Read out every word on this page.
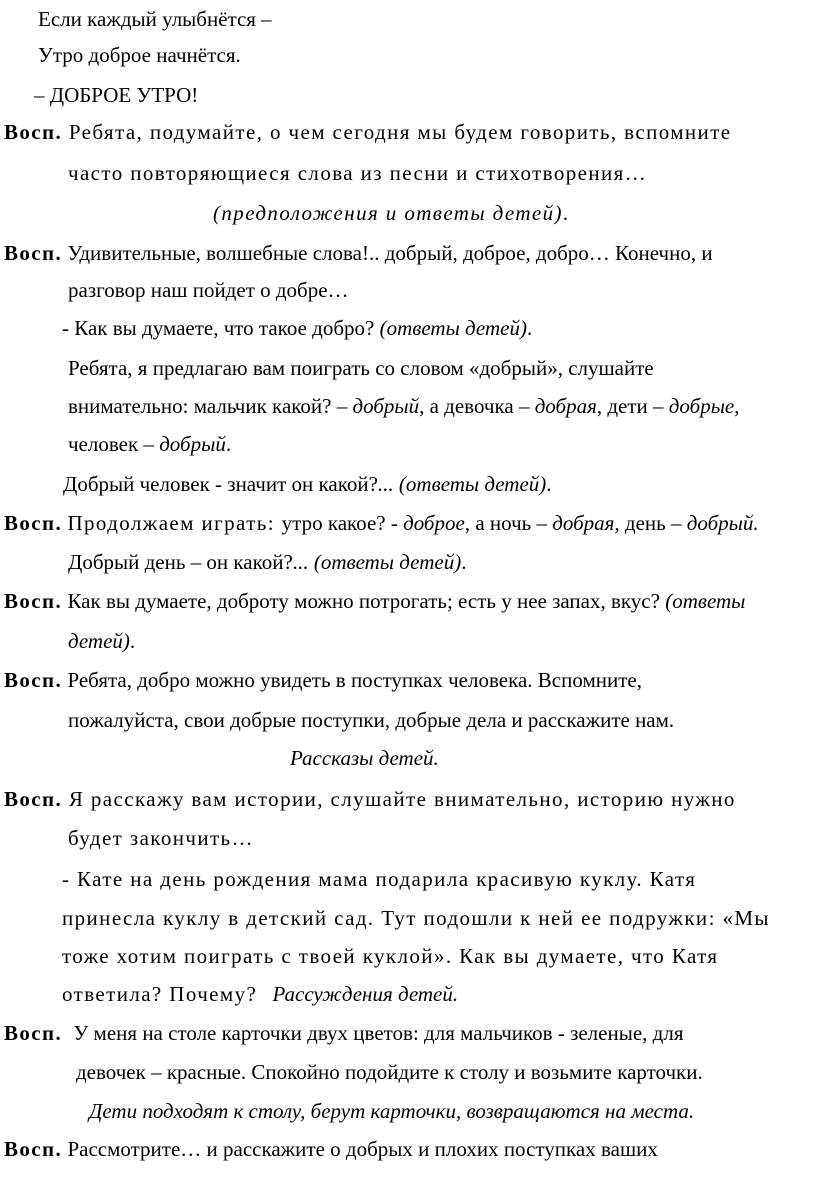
Если каждый улыбнётся –
Утро доброе начнётся.
– ДОБРОЕ УТРО!
Восп. Ребята, подумайте, о чем сегодня мы будем говорить, вспомните
часто повторяющиеся слова из песни и стихотворения…
(предположения и ответы детей).
Восп. Удивительные, волшебные слова!.. добрый, доброе, добро… Конечно, и
разговор наш пойдет о добре…
- Как вы думаете, что такое добро? (ответы детей).
Ребята, я предлагаю вам поиграть со словом «добрый», слушайте
внимательно: мальчик какой? – добрый, а девочка – добрая, дети – добрые,
человек – добрый.
Добрый человек - значит он какой?... (ответы детей).
Восп. Продолжаем играть: утро какое? - доброе, а ночь – добрая, день – добрый.
Добрый день – он какой?... (ответы детей).
Восп. Как вы думаете, доброту можно потрогать; есть у нее запах, вкус? (ответы
детей).
Восп. Ребята, добро можно увидеть в поступках человека. Вспомните,
пожалуйста, свои добрые поступки, добрые дела и расскажите нам.
Рассказы детей.
Восп. Я расскажу вам истории, слушайте внимательно, историю нужно
будет закончить…
- Кате на день рождения мама подарила красивую куклу. Катя
принесла куклу в детский сад. Тут подошли к ней ее подружки: «Мы
тоже хотим поиграть с твоей куклой». Как вы думаете, что Катя
ответила? Почему? Рассуждения детей.
Восп. У меня на столе карточки двух цветов: для мальчиков - зеленые, для
девочек – красные. Спокойно подойдите к столу и возьмите карточки.
Дети подходят к столу, берут карточки, возвращаются на места.
Восп. Рассмотрите… и расскажите о добрых и плохих поступках ваших
